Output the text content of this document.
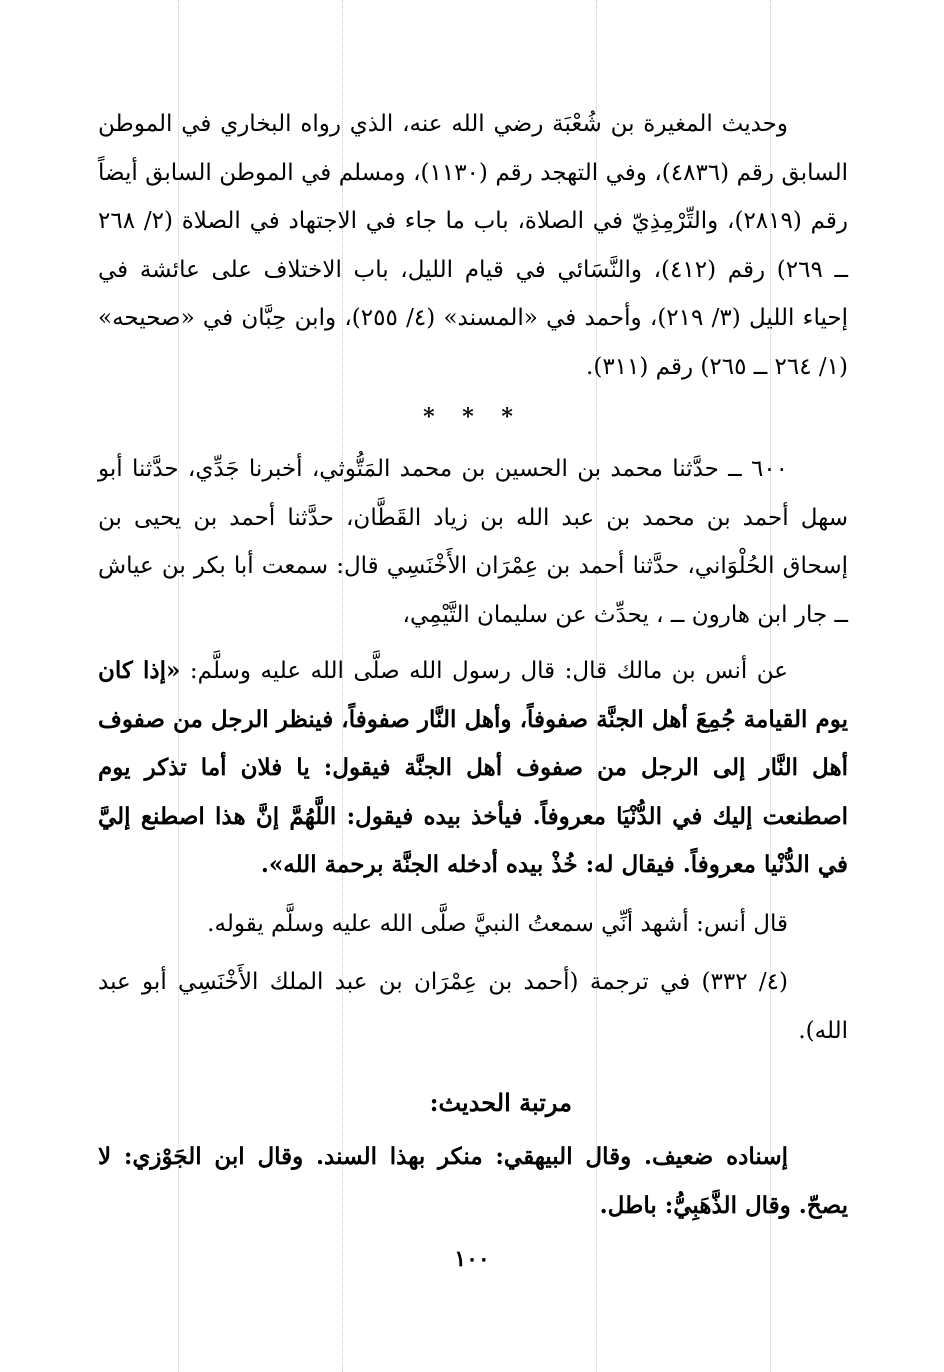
وحديث المغيرة بن شُعْبَة رضي الله عنه، الذي رواه البخاري في الموطن السابق رقم (٤٨٣٦)، وفي التهجد رقم (١١٣٠)، ومسلم في الموطن السابق أيضاً رقم (٢٨١٩)، والتِّرْمِذِيّ في الصلاة، باب ما جاء في الاجتهاد في الصلاة (٢/ ٢٦٨ ــ ٢٦٩) رقم (٤١٢)، والنَّسَائي في قيام الليل، باب الاختلاف على عائشة في إحياء الليل (٣/ ٢١٩)، وأحمد في «المسند» (٤/ ٢٥٥)، وابن حِبَّان في «صحيحه» (١/ ٢٦٤ ــ ٢٦٥) رقم (٣١١).

* * *

٦٠٠ ــ حدَّثنا محمد بن الحسين بن محمد المَتُّوثي، أخبرنا جَدِّي، حدَّثنا أبو سهل أحمد بن محمد بن عبد الله بن زياد القَطَّان، حدَّثنا أحمد بن يحيى بن إسحاق الحُلْوَاني، حدَّثنا أحمد بن عِمْرَان الأَخْنَسِي قال: سمعت أبا بكر بن عياش ــ جار ابن هارون ــ ، يحدِّث عن سليمان التَّيْمِي،

عن أنس بن مالك قال: قال رسول الله صلَّى الله عليه وسلَّم: «إذا كان يوم القيامة جُمِعَ أهل الجنَّة صفوفاً، وأهل النَّار صفوفاً، فينظر الرجل من صفوف أهل النَّار إلى الرجل من صفوف أهل الجنَّة فيقول: يا فلان أما تذكر يوم اصطنعت إليك في الدُّنْيَا معروفاً. فيأخذ بيده فيقول: اللَّهُمَّ إنَّ هذا اصطنع إليَّ في الدُّنْيا معروفاً. فيقال له: خُذْ بيده أدخله الجنَّة برحمة الله».

قال أنس: أشهد أنِّي سمعتُ النبيَّ صلَّى الله عليه وسلَّم يقوله.

(٤/ ٣٣٢) في ترجمة (أحمد بن عِمْرَان بن عبد الملك الأَخْنَسِي أبو عبد الله).

مرتبة الحديث:

إسناده ضعيف. وقال البيهقي: منكر بهذا السند. وقال ابن الجَوْزي: لا يصحّ. وقال الذَّهَبِيُّ: باطل.

١٠٠
